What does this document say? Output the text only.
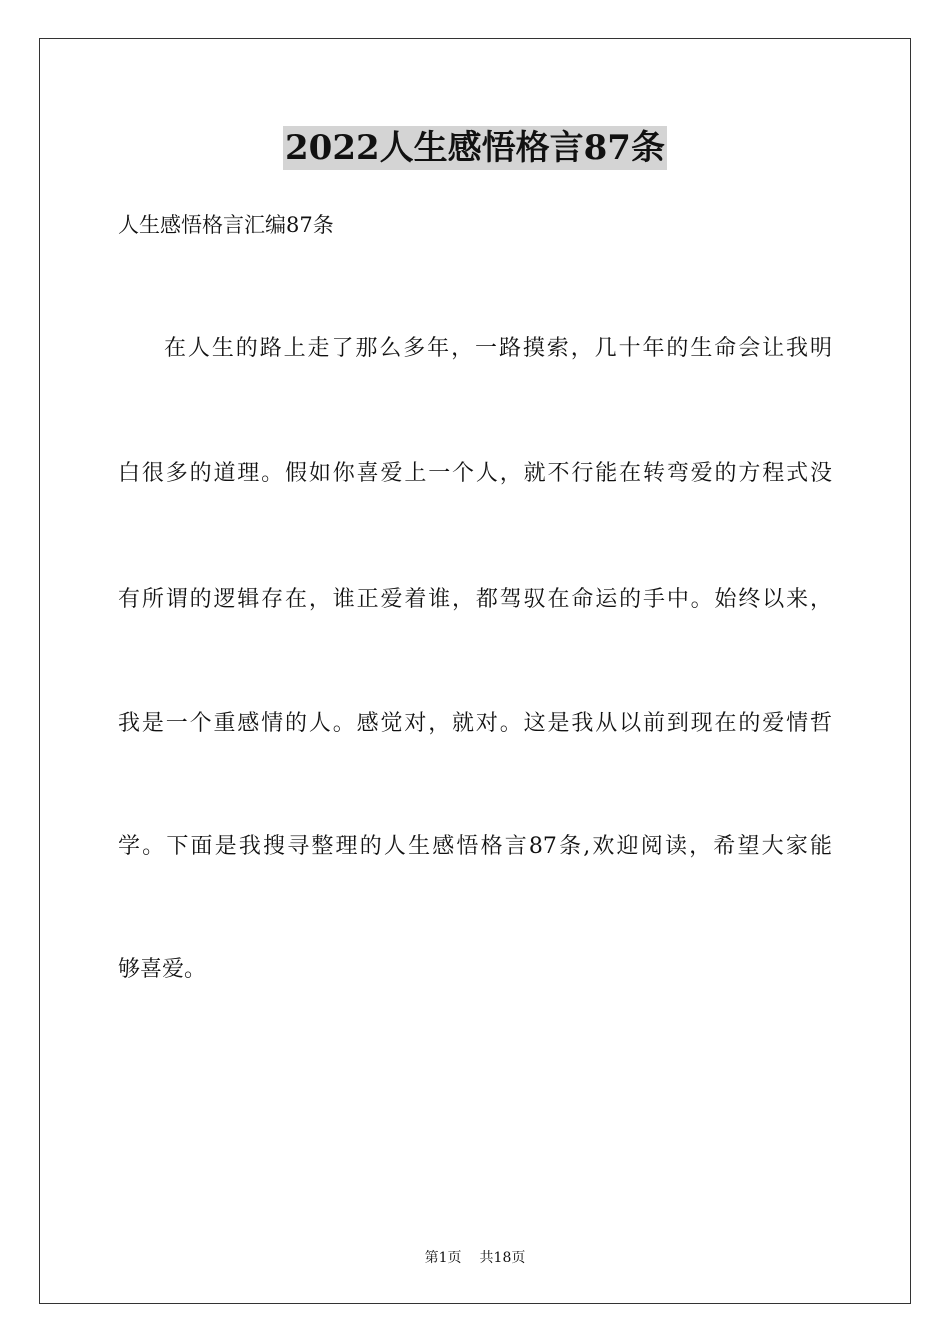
2022人生感悟格言87条
人生感悟格言汇编87条
在人生的路上走了那么多年，一路摸索，几十年的生命会让我明
白很多的道理。假如你喜爱上一个人，就不行能在转弯爱的方程式没
有所谓的逻辑存在，谁正爱着谁，都驾驭在命运的手中。始终以来，
我是一个重感情的人。感觉对，就对。这是我从以前到现在的爱情哲
学。下面是我搜寻整理的人生感悟格言87条,欢迎阅读，希望大家能
够喜爱。
第1页 共18页
